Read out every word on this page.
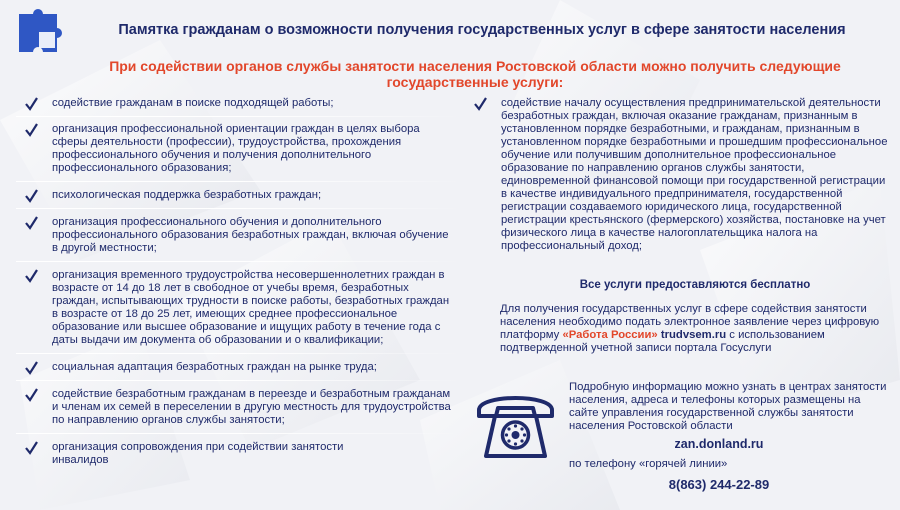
Памятка гражданам о возможности получения государственных услуг в сфере занятости населения
При содействии органов службы занятости населения Ростовской области можно получить следующие
государственные услуги:
содействие гражданам в поиске подходящей работы;
организация профессиональной ориентации граждан в целях выбора сферы деятельности (профессии), трудоустройства, прохождения профессионального обучения и получения дополнительного профессионального образования;
психологическая поддержка безработных граждан;
организация профессионального обучения и дополнительного профессионального образования безработных граждан, включая обучение в другой местности;
организация временного трудоустройства несовершеннолетних граждан в возрасте от 14 до 18 лет в свободное от учебы время, безработных граждан, испытывающих трудности в поиске работы, безработных граждан в возрасте от 18 до 25 лет, имеющих среднее профессиональное образование или высшее образование и ищущих работу в течение года с даты выдачи им документа об образовании и о квалификации;
социальная адаптация безработных граждан на рынке труда;
содействие безработным гражданам в переезде и безработным гражданам и членам их семей в переселении в другую местность для трудоустройства по направлению органов службы занятости;
организация сопровождения при содействии занятости инвалидов
содействие началу осуществления предпринимательской деятельности безработных граждан, включая оказание гражданам, признанным в установленном порядке безработными, и гражданам, признанным в установленном порядке безработными и прошедшим профессиональное обучение или получившим дополнительное профессиональное образование по направлению органов службы занятости, единовременной финансовой помощи при государственной регистрации в качестве индивидуального предпринимателя, государственной регистрации создаваемого юридического лица, государственной регистрации крестьянского (фермерского) хозяйства, постановке на учет физического лица в качестве налогоплательщика налога на профессиональный доход;
Все услуги предоставляются бесплатно
Для получения государственных услуг в сфере содействия занятости населения необходимо подать электронное заявление через цифровую платформу «Работа России» trudvsem.ru с использованием подтвержденной учетной записи портала Госуслуги
Подробную информацию можно узнать в центрах занятости населения, адреса и телефоны которых размещены на сайте управления государственной службы занятости населения Ростовской области
zan.donland.ru
по телефону «горячей линии»
8(863) 244-22-89
